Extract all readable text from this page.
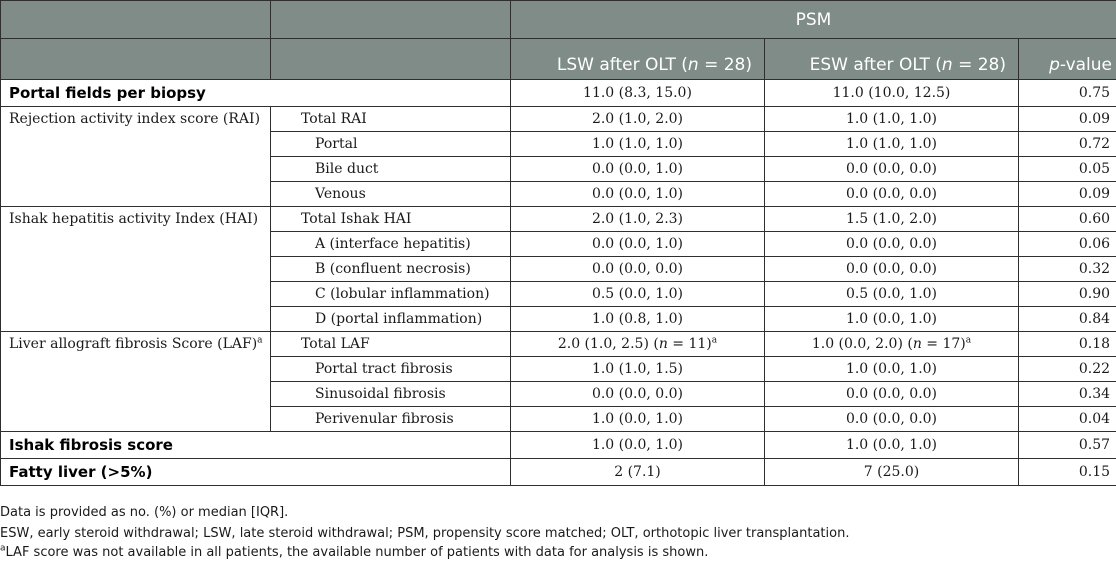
		PSM		
		LSW after OLT (n = 28)	ESW after OLT (n = 28)	p-value
Portal fields per biopsy		11.0 (8.3, 15.0)	11.0 (10.0, 12.5)	0.75
Rejection activity index score (RAI)	Total RAI	2.0 (1.0, 2.0)	1.0 (1.0, 1.0)	0.09
	Portal	1.0 (1.0, 1.0)	1.0 (1.0, 1.0)	0.72
	Bile duct	0.0 (0.0, 1.0)	0.0 (0.0, 0.0)	0.05
	Venous	0.0 (0.0, 1.0)	0.0 (0.0, 0.0)	0.09
Ishak hepatitis activity Index (HAI)	Total Ishak HAI	2.0 (1.0, 2.3)	1.5 (1.0, 2.0)	0.60
	A (interface hepatitis)	0.0 (0.0, 1.0)	0.0 (0.0, 0.0)	0.06
	B (confluent necrosis)	0.0 (0.0, 0.0)	0.0 (0.0, 0.0)	0.32
	C (lobular inflammation)	0.5 (0.0, 1.0)	0.5 (0.0, 1.0)	0.90
	D (portal inflammation)	1.0 (0.8, 1.0)	1.0 (0.0, 1.0)	0.84
Liver allograft fibrosis Score (LAF)$^a$	Total LAF	2.0 (1.0, 2.5) (n = 11)$^a$	1.0 (0.0, 2.0) (n = 17)$^a$	0.18
	Portal tract fibrosis	1.0 (1.0, 1.5)	1.0 (0.0, 1.0)	0.22
	Sinusoidal fibrosis	0.0 (0.0, 0.0)	0.0 (0.0, 0.0)	0.34
	Perivenular fibrosis	1.0 (0.0, 1.0)	0.0 (0.0, 0.0)	0.04
Ishak fibrosis score		1.0 (0.0, 1.0)	1.0 (0.0, 1.0)	0.57
Fatty liver (>5%)		2 (7.1)	7 (25.0)	0.15
Data is provided as no. (%) or median [IQR].
ESW, early steroid withdrawal; LSW, late steroid withdrawal; PSM, propensity score matched; OLT, orthotopic liver transplantation.
$^a$LAF score was not available in all patients, the available number of patients with data for analysis is shown.
